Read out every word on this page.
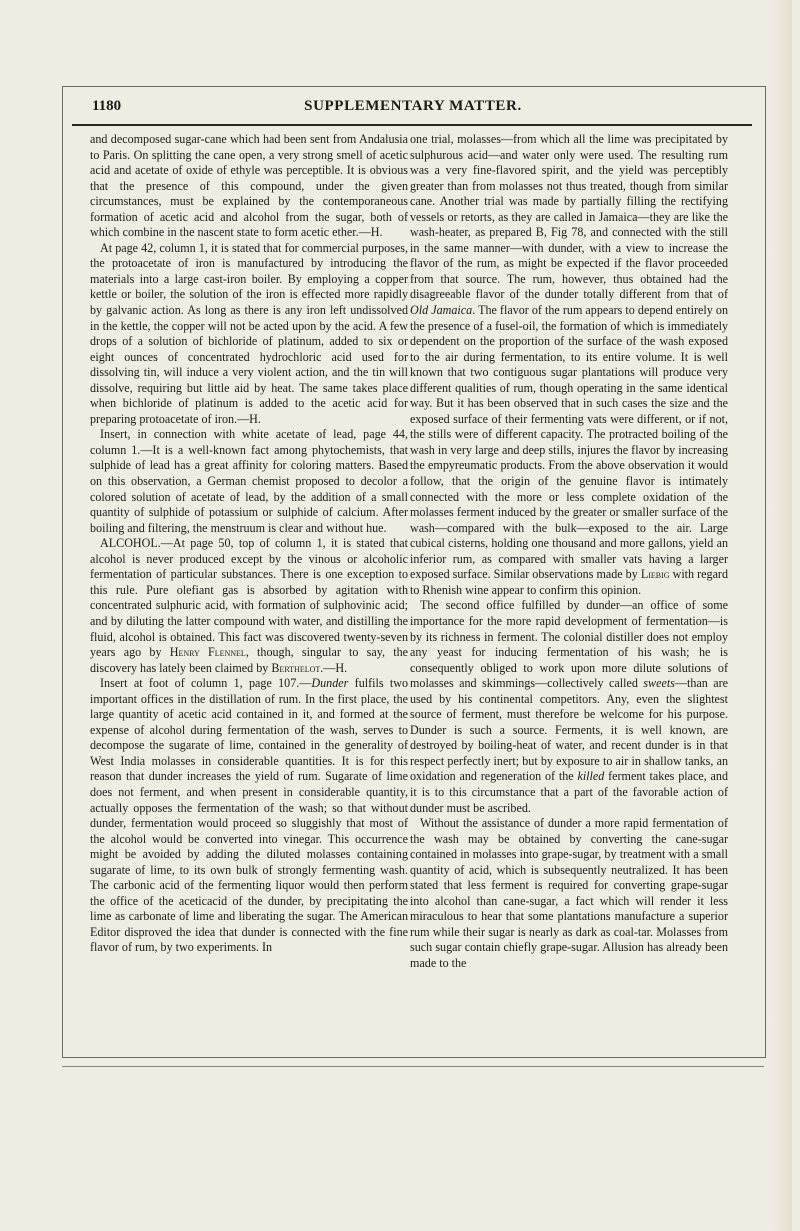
1180	SUPPLEMENTARY MATTER.

and decomposed sugar-cane which had been sent from Andalusia to Paris. On splitting the cane open, a very strong smell of acetic acid and acetate of oxide of ethyle was perceptible. It is obvious that the presence of this compound, under the given circumstances, must be explained by the contemporaneous formation of acetic acid and alcohol from the sugar, both of which combine in the nascent state to form acetic ether.—H.

At page 42, column 1, it is stated that for commercial purposes, the protoacetate of iron is manufactured by introducing the materials into a large cast-iron boiler. By employing a copper kettle or boiler, the solution of the iron is effected more rapidly by galvanic action. As long as there is any iron left undissolved in the kettle, the copper will not be acted upon by the acid. A few drops of a solution of bichloride of platinum, added to six or eight ounces of concentrated hydrochloric acid used for dissolving tin, will induce a very violent action, and the tin will dissolve, requiring but little aid by heat. The same takes place when bichloride of platinum is added to the acetic acid for preparing protoacetate of iron.—H.

Insert, in connection with white acetate of lead, page 44, column 1.—It is a well-known fact among phytochemists, that sulphide of lead has a great affinity for coloring matters. Based on this observation, a German chemist proposed to decolor a colored solution of acetate of lead, by the addition of a small quantity of sulphide of potassium or sulphide of calcium. After boiling and filtering, the menstruum is clear and without hue.

ALCOHOL.—At page 50, top of column 1, it is stated that alcohol is never produced except by the vinous or alcoholic fermentation of particular substances. There is one exception to this rule. Pure olefiant gas is absorbed by agitation with concentrated sulphuric acid, with formation of sulphovinic acid; and by diluting the latter compound with water, and distilling the fluid, alcohol is obtained. This fact was discovered twenty-seven years ago by Henry Flennel, though, singular to say, the discovery has lately been claimed by Berthelot.—H.

Insert at foot of column 1, page 107.—Dunder fulfils two important offices in the distillation of rum. In the first place, the large quantity of acetic acid contained in it, and formed at the expense of alcohol during fermentation of the wash, serves to decompose the sugarate of lime, contained in the generality of West India molasses in considerable quantities. It is for this reason that dunder increases the yield of rum. Sugarate of lime does not ferment, and when present in considerable quantity, actually opposes the fermentation of the wash; so that without dunder, fermentation would proceed so sluggishly that most of the alcohol would be converted into vinegar. This occurrence might be avoided by adding the diluted molasses containing sugarate of lime, to its own bulk of strongly fermenting wash. The carbonic acid of the fermenting liquor would then perform the office of the aceticacid of the dunder, by precipitating the lime as carbonate of lime and liberating the sugar. The American Editor disproved the idea that dunder is connected with the fine flavor of rum, by two experiments. In

one trial, molasses—from which all the lime was precipitated by sulphurous acid—and water only were used. The resulting rum was a very fine-flavored spirit, and the yield was perceptibly greater than from molasses not thus treated, though from similar cane. Another trial was made by partially filling the rectifying vessels or retorts, as they are called in Jamaica—they are like the wash-heater, as prepared B, Fig 78, and connected with the still in the same manner—with dunder, with a view to increase the flavor of the rum, as might be expected if the flavor proceeded from that source. The rum, however, thus obtained had the disagreeable flavor of the dunder totally different from that of Old Jamaica. The flavor of the rum appears to depend entirely on the presence of a fusel-oil, the formation of which is immediately dependent on the proportion of the surface of the wash exposed to the air during fermentation, to its entire volume. It is well known that two contiguous sugar plantations will produce very different qualities of rum, though operating in the same identical way. But it has been observed that in such cases the size and the exposed surface of their fermenting vats were different, or if not, the stills were of different capacity. The protracted boiling of the wash in very large and deep stills, injures the flavor by increasing the empyreumatic products. From the above observation it would follow, that the origin of the genuine flavor is intimately connected with the more or less complete oxidation of the molasses ferment induced by the greater or smaller surface of the wash—compared with the bulk—exposed to the air. Large cubical cisterns, holding one thousand and more gallons, yield an inferior rum, as compared with smaller vats having a larger exposed surface. Similar observations made by Liebig with regard to Rhenish wine appear to confirm this opinion.

The second office fulfilled by dunder—an office of some importance for the more rapid development of fermentation—is by its richness in ferment. The colonial distiller does not employ any yeast for inducing fermentation of his wash; he is consequently obliged to work upon more dilute solutions of molasses and skimmings—collectively called sweets—than are used by his continental competitors. Any, even the slightest source of ferment, must therefore be welcome for his purpose. Dunder is such a source. Ferments, it is well known, are destroyed by boiling-heat of water, and recent dunder is in that respect perfectly inert; but by exposure to air in shallow tanks, an oxidation and regeneration of the killed ferment takes place, and it is to this circumstance that a part of the favorable action of dunder must be ascribed.

Without the assistance of dunder a more rapid fermentation of the wash may be obtained by converting the cane-sugar contained in molasses into grape-sugar, by treatment with a small quantity of acid, which is subsequently neutralized. It has been stated that less ferment is required for converting grape-sugar into alcohol than cane-sugar, a fact which will render it less miraculous to hear that some plantations manufacture a superior rum while their sugar is nearly as dark as coal-tar. Molasses from such sugar contain chiefly grape-sugar. Allusion has already been made to the
